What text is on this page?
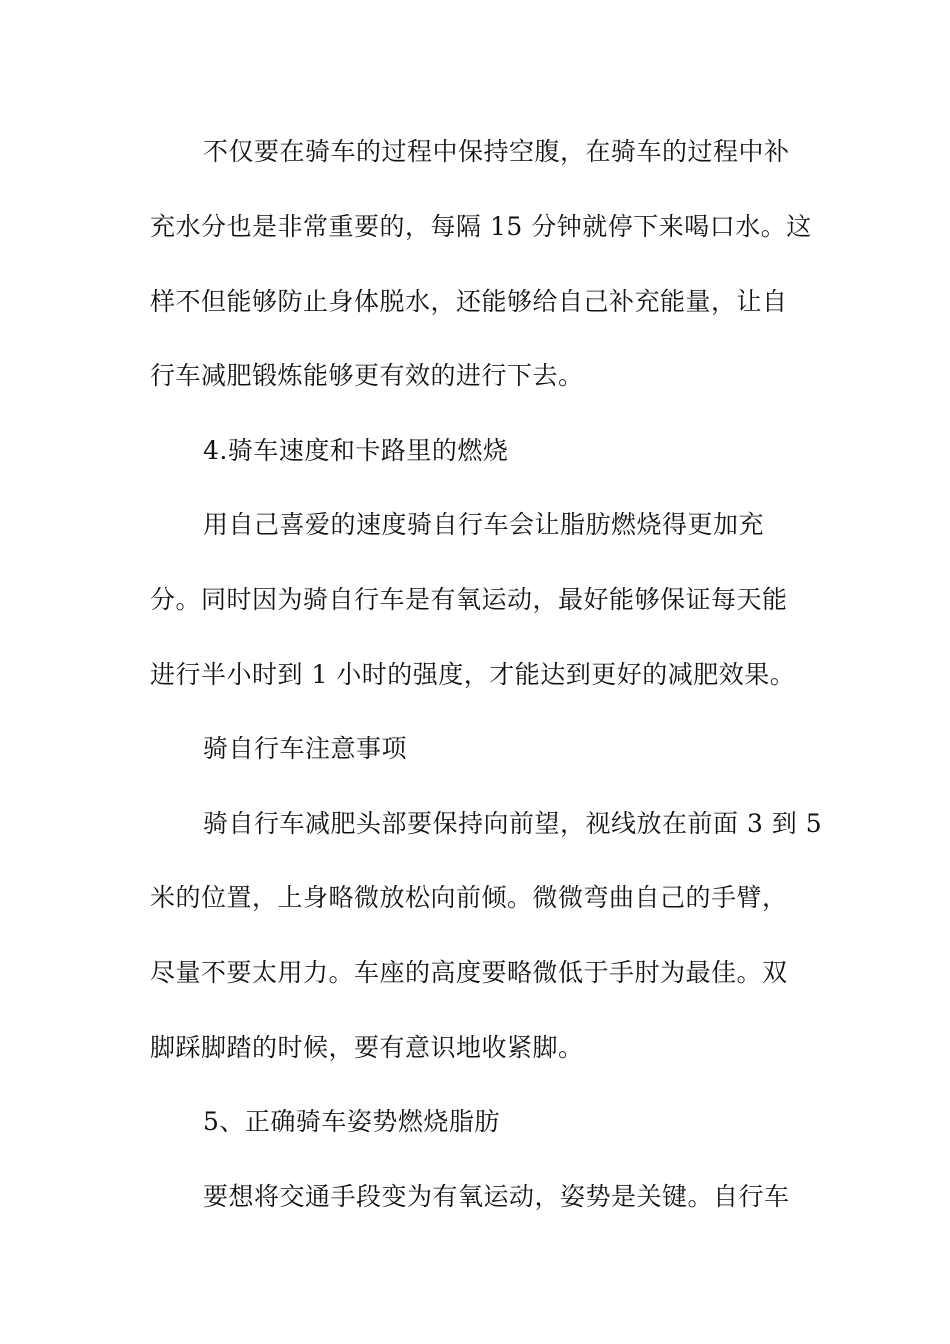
不仅要在骑车的过程中保持空腹，在骑车的过程中补
充水分也是非常重要的，每隔 15 分钟就停下来喝口水。这
样不但能够防止身体脱水，还能够给自己补充能量，让自
行车减肥锻炼能够更有效的进行下去。
4.骑车速度和卡路里的燃烧
用自己喜爱的速度骑自行车会让脂肪燃烧得更加充
分。同时因为骑自行车是有氧运动，最好能够保证每天能
进行半小时到 1 小时的强度，才能达到更好的减肥效果。
骑自行车注意事项
骑自行车减肥头部要保持向前望，视线放在前面 3 到 5
米的位置，上身略微放松向前倾。微微弯曲自己的手臂，
尽量不要太用力。车座的高度要略微低于手肘为最佳。双
脚踩脚踏的时候，要有意识地收紧脚。
5、正确骑车姿势燃烧脂肪
要想将交通手段变为有氧运动，姿势是关键。自行车
